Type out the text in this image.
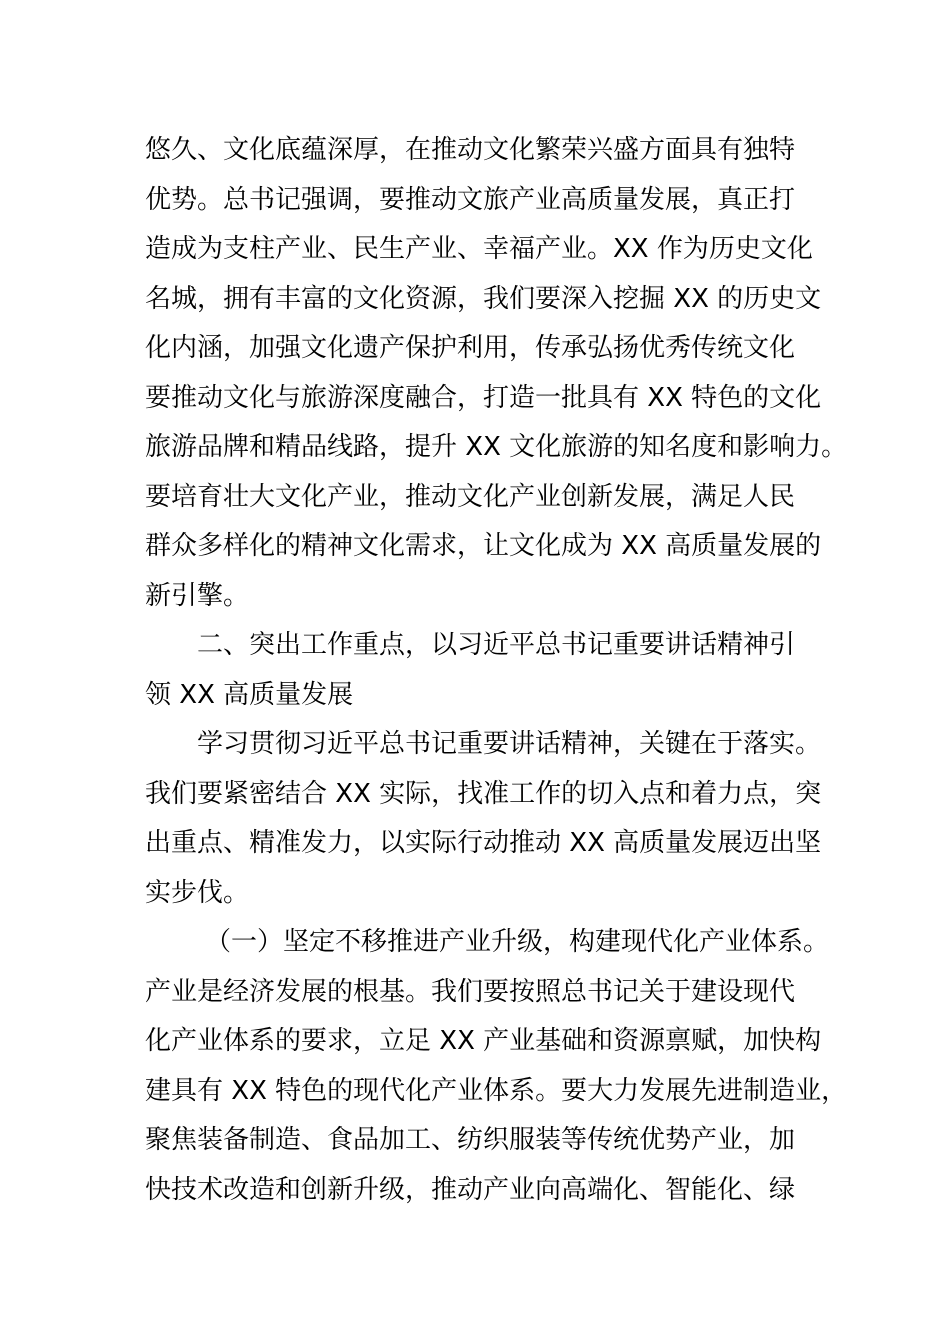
悠久、文化底蕴深厚，在推动文化繁荣兴盛方面具有独特
优势。总书记强调，要推动文旅产业高质量发展，真正打
造成为支柱产业、民生产业、幸福产业。XX 作为历史文化
名城，拥有丰富的文化资源，我们要深入挖掘 XX 的历史文
化内涵，加强文化遗产保护利用，传承弘扬优秀传统文化
要推动文化与旅游深度融合，打造一批具有 XX 特色的文化
旅游品牌和精品线路，提升 XX 文化旅游的知名度和影响力。
要培育壮大文化产业，推动文化产业创新发展，满足人民
群众多样化的精神文化需求，让文化成为 XX 高质量发展的
新引擎。
二、突出工作重点，以习近平总书记重要讲话精神引
领 XX 高质量发展
学习贯彻习近平总书记重要讲话精神，关键在于落实。
我们要紧密结合 XX 实际，找准工作的切入点和着力点，突
出重点、精准发力，以实际行动推动 XX 高质量发展迈出坚
实步伐。
（一）坚定不移推进产业升级，构建现代化产业体系。
产业是经济发展的根基。我们要按照总书记关于建设现代
化产业体系的要求，立足 XX 产业基础和资源禀赋，加快构
建具有 XX 特色的现代化产业体系。要大力发展先进制造业，
聚焦装备制造、食品加工、纺织服装等传统优势产业，加
快技术改造和创新升级，推动产业向高端化、智能化、绿
